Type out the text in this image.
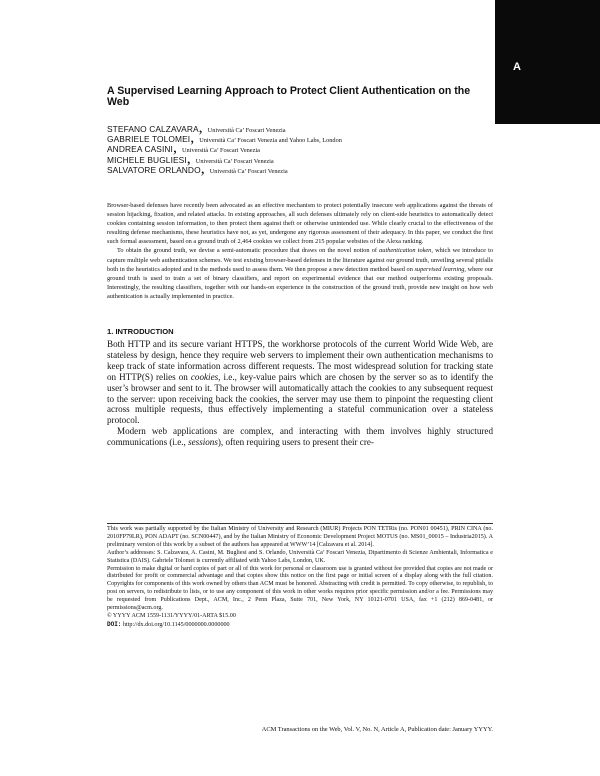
A
A Supervised Learning Approach to Protect Client Authentication on the Web
STEFANO CALZAVARA, Università Ca’ Foscari Venezia
GABRIELE TOLOMEI, Università Ca’ Foscari Venezia and Yahoo Labs, London
ANDREA CASINI, Università Ca’ Foscari Venezia
MICHELE BUGLIESI, Università Ca’ Foscari Venezia
SALVATORE ORLANDO, Università Ca’ Foscari Venezia

Browser-based defenses have recently been advocated as an effective mechanism to protect potentially insecure web applications against the threats of session hijacking, fixation, and related attacks. In existing approaches, all such defenses ultimately rely on client-side heuristics to automatically detect cookies containing session information, to then protect them against theft or otherwise unintended use. While clearly crucial to the effectiveness of the resulting defense mechanisms, these heuristics have not, as yet, undergone any rigorous assessment of their adequacy. In this paper, we conduct the first such formal assessment, based on a ground truth of 2,464 cookies we collect from 215 popular websites of the Alexa ranking.

To obtain the ground truth, we devise a semi-automatic procedure that draws on the novel notion of authentication token, which we introduce to capture multiple web authentication schemes. We test existing browser-based defenses in the literature against our ground truth, unveiling several pitfalls both in the heuristics adopted and in the methods used to assess them. We then propose a new detection method based on supervised learning, where our ground truth is used to train a set of binary classifiers, and report on experimental evidence that our method outperforms existing proposals. Interestingly, the resulting classifiers, together with our hands-on experience in the construction of the ground truth, provide new insight on how web authentication is actually implemented in practice.

1. INTRODUCTION

Both HTTP and its secure variant HTTPS, the workhorse protocols of the current World Wide Web, are stateless by design, hence they require web servers to implement their own authentication mechanisms to keep track of state information across different requests. The most widespread solution for tracking state on HTTP(S) relies on cookies, i.e., key-value pairs which are chosen by the server so as to identify the user’s browser and sent to it. The browser will automatically attach the cookies to any subsequent request to the server: upon receiving back the cookies, the server may use them to pinpoint the requesting client across multiple requests, thus effectively implementing a stateful communication over a stateless protocol.

Modern web applications are complex, and interacting with them involves highly structured communications (i.e., sessions), often requiring users to present their cre-

This work was partially supported by the Italian Ministry of University and Research (MIUR) Projects PON TETRis (no. PON01 00451), PRIN CINA (no. 2010FP79LR), PON ADAPT (no. SCN00447), and by the Italian Ministry of Economic Development Project MOTUS (no. MS01_00015 – Industria2015). A preliminary version of this work by a subset of the authors has appeared at WWW’14 [Calzavara et al. 2014].

Author’s addresses: S. Calzavara, A. Casini, M. Bugliesi and S. Orlando, Università Ca’ Foscari Venezia, Dipartimento di Scienze Ambientali, Informatica e Statistica (DAIS). Gabriele Tolomei is currently affiliated with Yahoo Labs, London, UK.

Permission to make digital or hard copies of part or all of this work for personal or classroom use is granted without fee provided that copies are not made or distributed for profit or commercial advantage and that copies show this notice on the first page or initial screen of a display along with the full citation. Copyrights for components of this work owned by others than ACM must be honored. Abstracting with credit is permitted. To copy otherwise, to republish, to post on servers, to redistribute to lists, or to use any component of this work in other works requires prior specific permission and/or a fee. Permissions may be requested from Publications Dept., ACM, Inc., 2 Penn Plaza, Suite 701, New York, NY 10121-0701 USA, fax +1 (212) 869-0481, or permissions@acm.org.

© YYYY ACM 1559-1131/YYYY/01-ARTA $15.00

DOI: http://dx.doi.org/10.1145/0000000.0000000

ACM Transactions on the Web, Vol. V, No. N, Article A, Publication date: January YYYY.
